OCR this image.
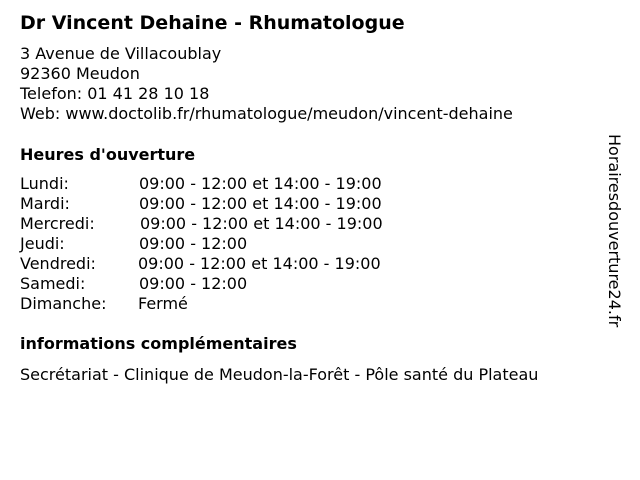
Dr Vincent Dehaine - Rhumatologue
3 Avenue de Villacoublay
92360 Meudon
Telefon: 01 41 28 10 18
Web: www.doctolib.fr/rhumatologue/meudon/vincent-dehaine
Heures d'ouverture
Lundi:	09:00 - 12:00 et 14:00 - 19:00
Mardi:	09:00 - 12:00 et 14:00 - 19:00
Mercredi:	09:00 - 12:00 et 14:00 - 19:00
Jeudi:	09:00 - 12:00
Vendredi:	09:00 - 12:00 et 14:00 - 19:00
Samedi:	09:00 - 12:00
Dimanche: Fermé
informations complémentaires
Secrétariat - Clinique de Meudon-la-Forêt - Pôle santé du Plateau
Horairesdouverture24.fr
